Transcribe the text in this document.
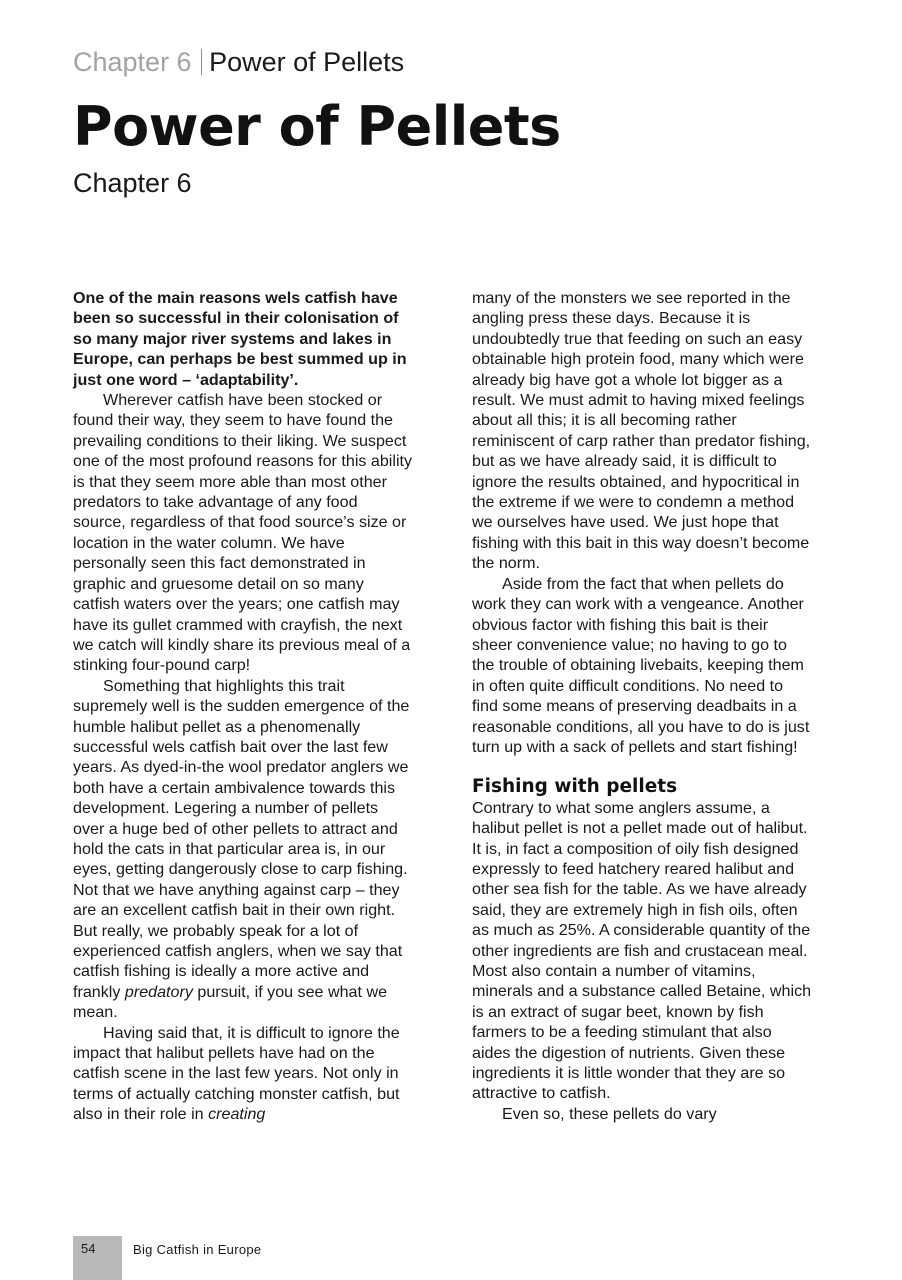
Chapter 6 Power of Pellets
Power of Pellets
Chapter 6

One of the main reasons wels catfish have been so successful in their colonisation of so many major river systems and lakes in Europe, can perhaps be best summed up in just one word – ‘adaptability’.

Wherever catfish have been stocked or found their way, they seem to have found the prevailing conditions to their liking. We suspect one of the most profound reasons for this ability is that they seem more able than most other predators to take advantage of any food source, regardless of that food source’s size or location in the water column. We have personally seen this fact demonstrated in graphic and gruesome detail on so many catfish waters over the years; one catfish may have its gullet crammed with crayfish, the next we catch will kindly share its previous meal of a stinking four-pound carp!

Something that highlights this trait supremely well is the sudden emergence of the humble halibut pellet as a phenomenally successful wels catfish bait over the last few years. As dyed-in-the wool predator anglers we both have a certain ambivalence towards this development. Legering a number of pellets over a huge bed of other pellets to attract and hold the cats in that particular area is, in our eyes, getting dangerously close to carp fishing. Not that we have anything against carp – they are an excellent catfish bait in their own right. But really, we probably speak for a lot of experienced catfish anglers, when we say that catfish fishing is ideally a more active and frankly predatory pursuit, if you see what we mean.

Having said that, it is difficult to ignore the impact that halibut pellets have had on the catfish scene in the last few years. Not only in terms of actually catching monster catfish, but also in their role in creating

many of the monsters we see reported in the angling press these days. Because it is undoubtedly true that feeding on such an easy obtainable high protein food, many which were already big have got a whole lot bigger as a result. We must admit to having mixed feelings about all this; it is all becoming rather reminiscent of carp rather than predator fishing, but as we have already said, it is difficult to ignore the results obtained, and hypocritical in the extreme if we were to condemn a method we ourselves have used. We just hope that fishing with this bait in this way doesn’t become the norm.

Aside from the fact that when pellets do work they can work with a vengeance. Another obvious factor with fishing this bait is their sheer convenience value; no having to go to the trouble of obtaining livebaits, keeping them in often quite difficult conditions. No need to find some means of preserving deadbaits in a reasonable conditions, all you have to do is just turn up with a sack of pellets and start fishing!

Fishing with pellets

Contrary to what some anglers assume, a halibut pellet is not a pellet made out of halibut. It is, in fact a composition of oily fish designed expressly to feed hatchery reared halibut and other sea fish for the table. As we have already said, they are extremely high in fish oils, often as much as 25%. A considerable quantity of the other ingredients are fish and crustacean meal. Most also contain a number of vitamins, minerals and a substance called Betaine, which is an extract of sugar beet, known by fish farmers to be a feeding stimulant that also aides the digestion of nutrients. Given these ingredients it is little wonder that they are so attractive to catfish.

Even so, these pellets do vary

54	Big Catfish in Europe
